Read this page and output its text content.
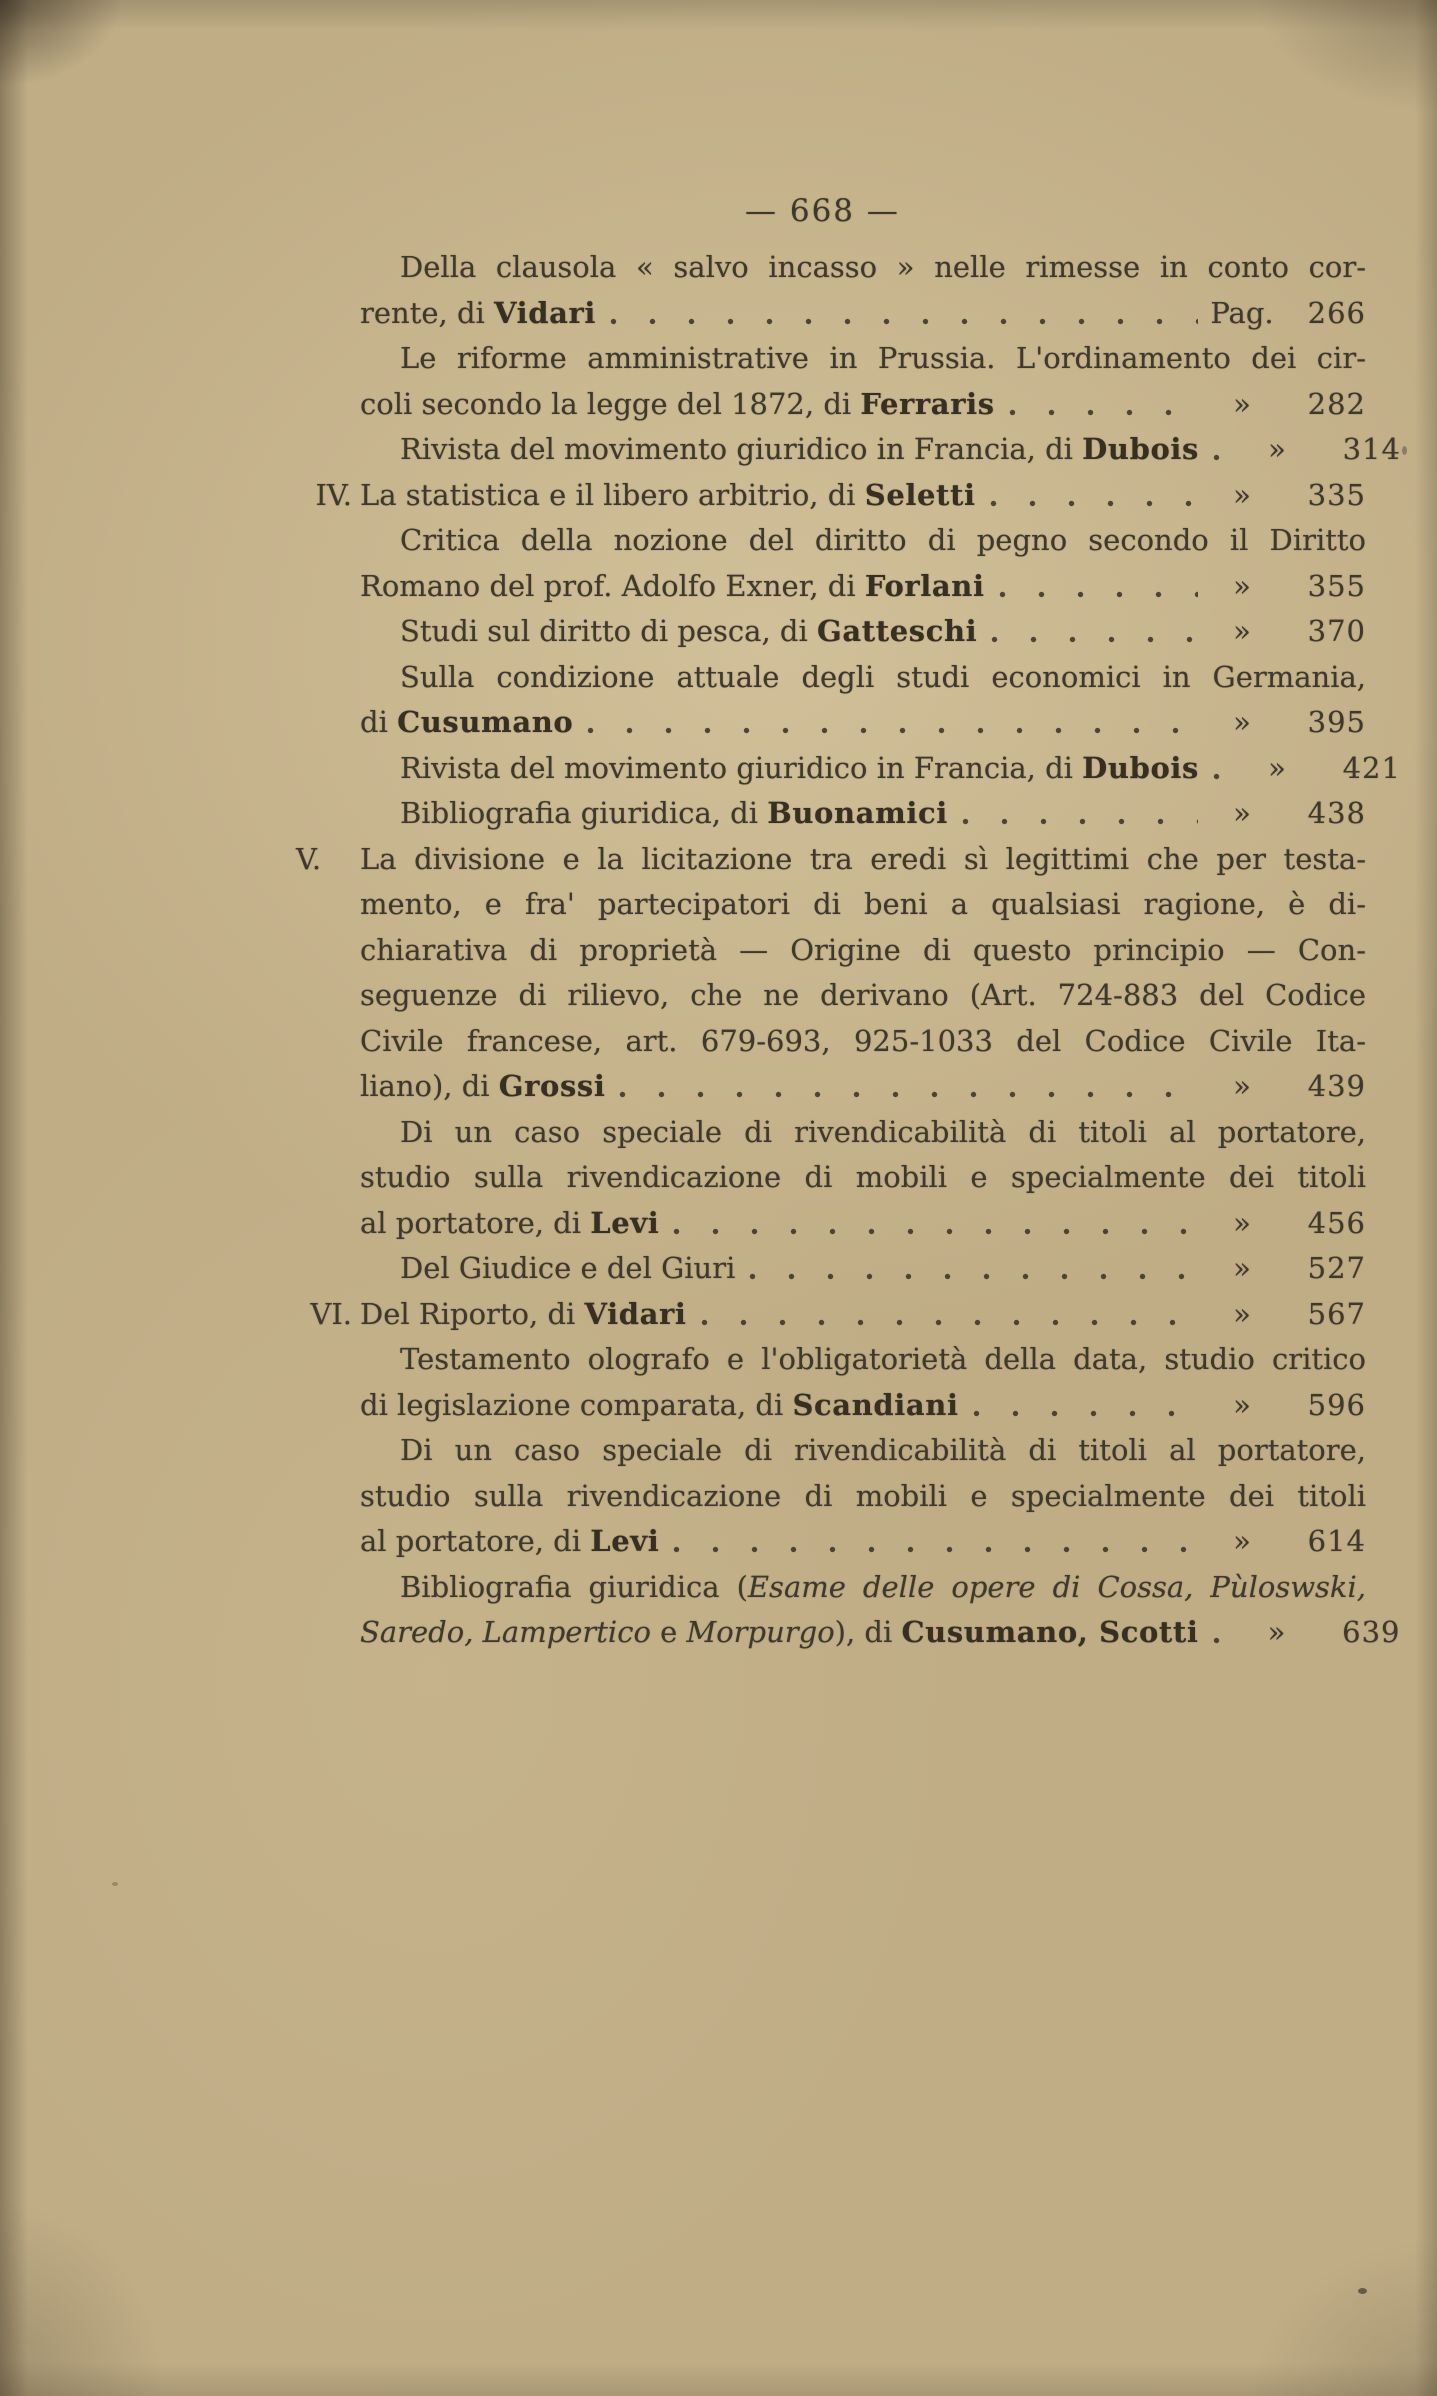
— 668 —
Della clausola « salvo incasso » nelle rimesse in conto cor-
rente, di Vidari	Pag.	266
Le riforme amministrative in Prussia. L'ordinamento dei cir-
coli secondo la legge del 1872, di Ferraris	»	282
Rivista del movimento giuridico in Francia, di Dubois	»	314
IV. La statistica e il libero arbitrio, di Seletti	»	335
Critica della nozione del diritto di pegno secondo il Diritto
Romano del prof. Adolfo Exner, di Forlani	»	355
Studi sul diritto di pesca, di Gatteschi	»	370
Sulla condizione attuale degli studi economici in Germania,
di Cusumano	»	395
Rivista del movimento giuridico in Francia, di Dubois	»	421
Bibliografia giuridica, di Buonamici	»	438
V.	La divisione e la licitazione tra eredi sì legittimi che per testa-
mento, e fra' partecipatori di beni a qualsiasi ragione, è di-
chiarativa di proprietà — Origine di questo principio — Con-
seguenze di rilievo, che ne derivano (Art. 724-883 del Codice
Civile francese, art. 679-693, 925-1033 del Codice Civile Ita-
liano), di Grossi	»	439
Di un caso speciale di rivendicabilità di titoli al portatore,
studio sulla rivendicazione di mobili e specialmente dei titoli
al portatore, di Levi	»	456
Del Giudice e del Giuri	»	527
VI. Del Riporto, di Vidari	»	567
Testamento olografo e l'obligatorietà della data, studio critico
di legislazione comparata, di Scandiani	»	596
Di un caso speciale di rivendicabilità di titoli al portatore,
studio sulla rivendicazione di mobili e specialmente dei titoli
al portatore, di Levi	»	614
Bibliografia giuridica (Esame delle opere di Cossa, Pùloswski,
Saredo, Lampertico e Morpurgo), di Cusumano, Scotti	»	639
